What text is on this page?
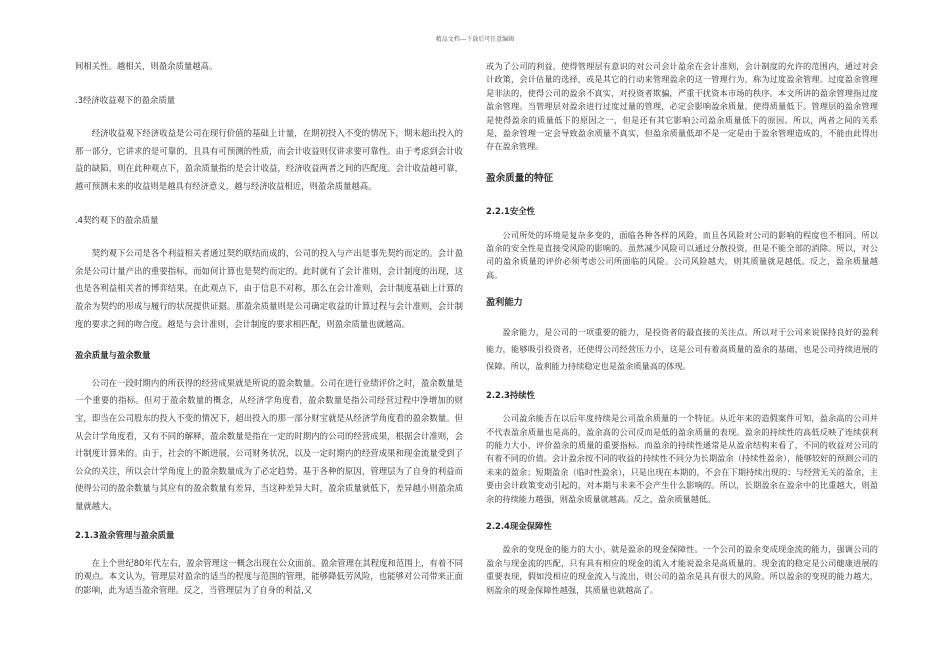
精品文档---下载后可任意编辑

间相关性。越相关，则盈余质量越高。

.3经济收益观下的盈余质量

经济收益观下经济收益是公司在现行价值的基础上计量，在期初投入不变的情况下，期末超出投入的那一部分，它讲求的是可靠的，且具有可预测的性质，而会计收益则仅讲求要可靠性。由于考虑到会计收益的缺陷，则在此种观点下，盈余质量指的是会计收益，经济收益两者之间的匹配度。会计收益越可靠，越可预测未来的收益则是越具有经济意义，越与经济收益相近，则盈余质量越高。

.4契约观下的盈余质量

契约观下公司是各个利益相关者通过契约联结而成的，公司的投入与产出是事先契约而定的。会计盈余是公司计量产出的重要指标，而如何计算也是契约而定的。此时就有了会计准则，会计制度的出现，这也是各利益相关者的博弈结果。在此观点下，由于信息不对称，那么在会计准则，会计制度基础上计算的盈余为契约的形成与履行的状况提供证据。那盈余质量则是公司确定收益的计算过程与会计准则，会计制度的要求之间的吻合度。越是与会计准则，会计制度的要求相匹配，则盈余质量也就越高。

盈余质量与盈余数量

公司在一段时期内的所获得的经营成果就是所说的盈余数量。公司在进行业绩评价之时，盈余数量是一个重要的指标。但对于盈余数量的概念，从经济学角度看，盈余数量是指公司经营过程中净增加的财宝，即当在公司股东的投入不变的情况下，超出投入的那一部分财宝就是从经济学角度看的盈余数量。但从会计学角度看，又有不同的解释，盈余数量是指在一定的时期内的公司的经营成果，根据会计准则，会计制度计算来的。由于，社会的不断进展，公司财务状况，以及一定时期内的经营成果和现金流量受到了公众的关注，所以会计学角度上的盈余数量成为了必定趋势。基于各种的原因，管理层为了自身的利益而使得公司的盈余数量与其应有的盈余数量有差异，当这种差异大时，盈余质量就低下，差异越小则盈余质量就越大。

2.1.3盈余管理与盈余质量

在上个世纪80年代左右，盈余管理这一概念出现在公众面前。盈余管理在其程度和范围上，有着不同的观点。本文认为，管理层对盈余的适当的程度与范围的管理，能够降低劳风险，也能够对公司带来正面的影响，此为适当盈余管理。反之，当管理层为了自身的利益,又

或为了公司的利益，使得管理层有意识的对公司会计盈余在会计准则，会计制度的允许的范围内，通过对会计政策，会计估量的选择，或是其它的行动来管理盈余的这一管理行为，称为过度盈余管理。过度盈余管理是非法的，使得公司的盈余不真实，对投资者欺骗，严重干扰资本市场的秩序。本文所讲的盈余管理指过度盈余管理。当管理层对盈余进行过度过量的管理，必定会影响盈余质量，使得质量低下。管理层的盈余管理是使得盈余的质量低下的原因之一，但是还有其它影响公司盈余质量低下的原因。所以，两者之间的关系是，盈余管理一定会导致盈余质量不真实，但盈余质量低却不是一定是由于盈余管理造成的，不能由此得出存在盈余管理。

盈余质量的特征

2.2.1安全性

公司所处的环境是复杂多变的，面临各种各样的风险，而且各风险对公司的影响的程度也不相同。所以盈余的安全性是直接受风险的影响的。虽然减少风险可以通过分散投资，但是不能全部的消除。所以，对公司的盈余质量的评价必须考虑公司所面临的风险。公司风险越大，则其质量就是越低。反之，盈余质量越高。

盈利能力

盈余能力，是公司的一项重要的能力，是投资者的最直接的关注点。所以对于公司来说保持良好的盈利能力，能够吸引投资者，还使得公司经营压力小，这是公司有着高质量的盈余的基础，也是公司持续进展的保障。所以，盈利能力持续稳定也是盈余质量高的体现。

2.2.3持续性

公司盈余能否在以后年度持续是公司盈余质量的一个特征。从近年来的造假案件可知，盈余高的公司并不代表盈余质量也是高的，盈余高的公司反而是低的盈余质量的表现。盈余的持续性的高低反映了连续获利的能力大小，评价盈余的质量的重要指标。而盈余的持续性通常是从盈余结构来看了，不同的收益对公司的有着不同的价值。会计盈余按不同的收益的持续性不同分为长期盈余（持续性盈余），能够较好的预测公司的未来的盈余；短期盈余（临时性盈余），只是出现在本期的，不会在下期持续出现的；与经营无关的盈余，主要由会计政策变动引起的，对本期与未来不会产生什么影响的。所以，长期盈余在盈余中的比重越大，则盈余的持续能力越强，则盈余质量就越高。反之，盈余质量越低。

2.2.4现金保障性

盈余的变现金的能力的大小，就是盈余的现金保障性。一个公司的盈余变成现金流的能力，强调公司的盈余与现金流的匹配，只有具有相应的现金的流入才能说盈余是高质量的。现金流的稳定是公司健康进展的重要表现，假如没相应的现金流入与流出，则公司的盈余是具有很大的风险。所以盈余的变现的能力越大，则盈余的现金保障性越强，其质量也就越高了。
